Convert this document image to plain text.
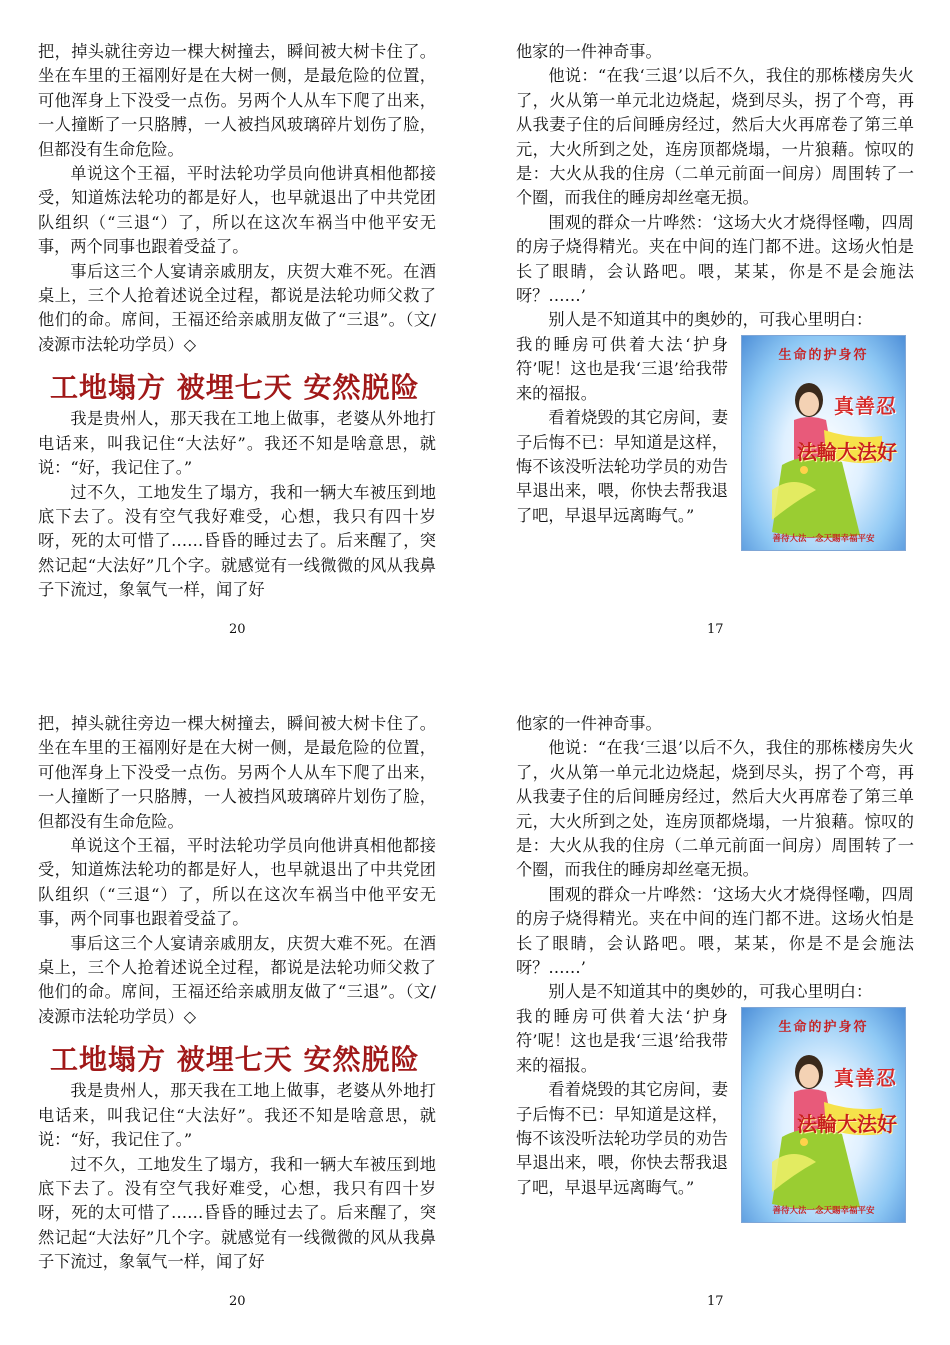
把，掉头就往旁边一棵大树撞去，瞬间被大树卡住了。坐在车里的王福刚好是在大树一侧，是最危险的位置，可他浑身上下没受一点伤。另两个人从车下爬了出来，一人撞断了一只胳膊，一人被挡风玻璃碎片划伤了脸，但都没有生命危险。

单说这个王福，平时法轮功学员向他讲真相他都接受，知道炼法轮功的都是好人，也早就退出了中共党团队组织（“三退“）了，所以在这次车祸当中他平安无事，两个同事也跟着受益了。

事后这三个人宴请亲戚朋友，庆贺大难不死。在酒桌上，三个人抢着述说全过程，都说是法轮功师父救了他们的命。席间，王福还给亲戚朋友做了“三退”。（文/凌源市法轮功学员）◇

工地塌方 被埋七天 安然脱险

我是贵州人，那天我在工地上做事，老婆从外地打电话来，叫我记住“大法好”。我还不知是啥意思，就说：“好，我记住了。”

过不久，工地发生了塌方，我和一辆大车被压到地底下去了。没有空气我好难受，心想，我只有四十岁呀，死的太可惜了……昏昏的睡过去了。后来醒了，突然记起“大法好”几个字。就感觉有一线微微的风从我鼻子下流过，象氧气一样，闻了好

20

他家的一件神奇事。

他说：“在我‘三退’以后不久，我住的那栋楼房失火了，火从第一单元北边烧起，烧到尽头，拐了个弯，再从我妻子住的后间睡房经过，然后大火再席卷了第三单元，大火所到之处，连房顶都烧塌，一片狼藉。惊叹的是：大火从我的住房（二单元前面一间房）周围转了一个圈，而我住的睡房却丝毫无损。

围观的群众一片哗然：‘这场大火才烧得怪嘞，四周的房子烧得精光。夹在中间的连门都不进。这场火怕是长了眼睛，会认路吧。喂，某某，你是不是会施法呀？……’

别人是不知道其中的奥妙的，可我心里明白：

我的睡房可供着大法‘护身符’呢！这也是我‘三退’给我带来的福报。

看着烧毁的其它房间，妻子后悔不已：早知道是这样，悔不该没听法轮功学员的劝告早退出来，喂，你快去帮我退了吧，早退早远离晦气。”

生命的护身符
真善忍
法輪大法好
善待大法一念天賜幸福平安
17

把，掉头就往旁边一棵大树撞去，瞬间被大树卡住了。坐在车里的王福刚好是在大树一侧，是最危险的位置，可他浑身上下没受一点伤。另两个人从车下爬了出来，一人撞断了一只胳膊，一人被挡风玻璃碎片划伤了脸，但都没有生命危险。

单说这个王福，平时法轮功学员向他讲真相他都接受，知道炼法轮功的都是好人，也早就退出了中共党团队组织（“三退“）了，所以在这次车祸当中他平安无事，两个同事也跟着受益了。

事后这三个人宴请亲戚朋友，庆贺大难不死。在酒桌上，三个人抢着述说全过程，都说是法轮功师父救了他们的命。席间，王福还给亲戚朋友做了“三退”。（文/凌源市法轮功学员）◇

工地塌方 被埋七天 安然脱险

我是贵州人，那天我在工地上做事，老婆从外地打电话来，叫我记住“大法好”。我还不知是啥意思，就说：“好，我记住了。”

过不久，工地发生了塌方，我和一辆大车被压到地底下去了。没有空气我好难受，心想，我只有四十岁呀，死的太可惜了……昏昏的睡过去了。后来醒了，突然记起“大法好”几个字。就感觉有一线微微的风从我鼻子下流过，象氧气一样，闻了好

20

他家的一件神奇事。

他说：“在我‘三退’以后不久，我住的那栋楼房失火了，火从第一单元北边烧起，烧到尽头，拐了个弯，再从我妻子住的后间睡房经过，然后大火再席卷了第三单元，大火所到之处，连房顶都烧塌，一片狼藉。惊叹的是：大火从我的住房（二单元前面一间房）周围转了一个圈，而我住的睡房却丝毫无损。

围观的群众一片哗然：‘这场大火才烧得怪嘞，四周的房子烧得精光。夹在中间的连门都不进。这场火怕是长了眼睛，会认路吧。喂，某某，你是不是会施法呀？……’

别人是不知道其中的奥妙的，可我心里明白：

我的睡房可供着大法‘护身符’呢！这也是我‘三退’给我带来的福报。

看着烧毁的其它房间，妻子后悔不已：早知道是这样，悔不该没听法轮功学员的劝告早退出来，喂，你快去帮我退了吧，早退早远离晦气。”

生命的护身符
真善忍
法輪大法好
善待大法一念天賜幸福平安
17
